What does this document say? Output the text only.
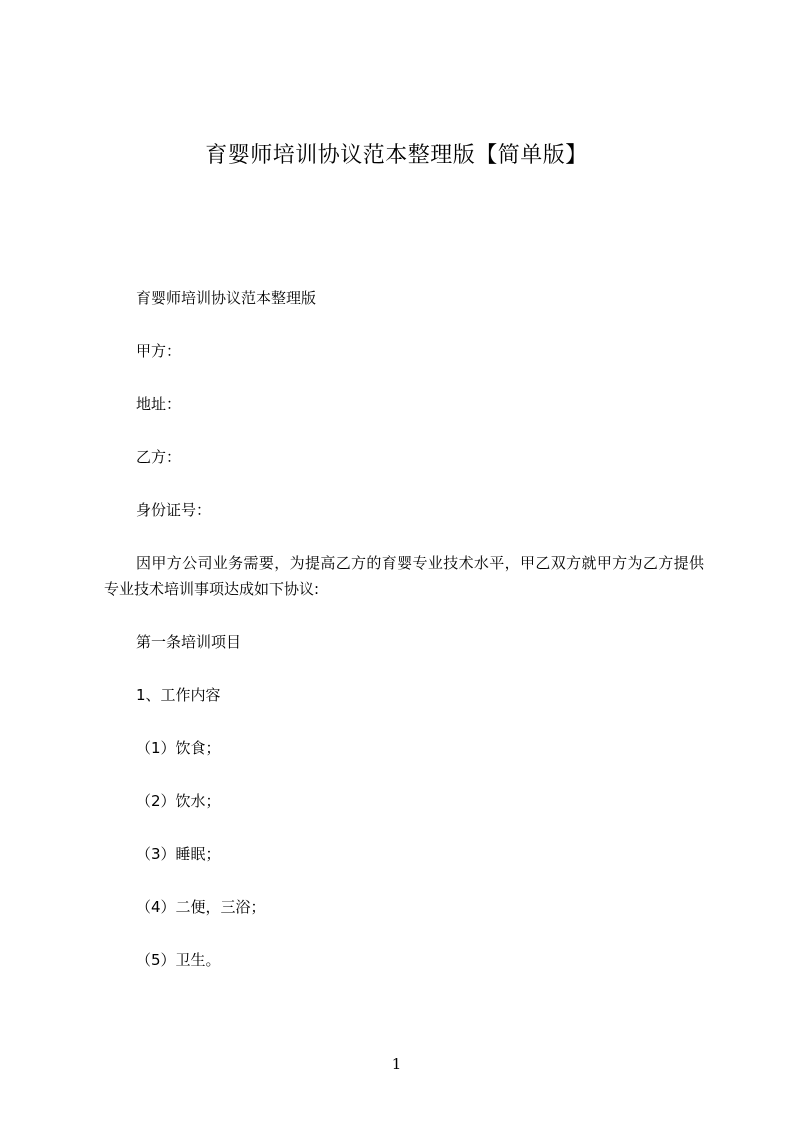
育婴师培训协议范本整理版【简单版】

育婴师培训协议范本整理版

甲方：

地址：

乙方：

身份证号：

因甲方公司业务需要，为提高乙方的育婴专业技术水平，甲乙双方就甲方为乙方提供专业技术培训事项达成如下协议:

第一条培训项目

1、工作内容

（1）饮食；

（2）饮水；

（3）睡眠；

（4）二便，三浴；

（5）卫生。

1
